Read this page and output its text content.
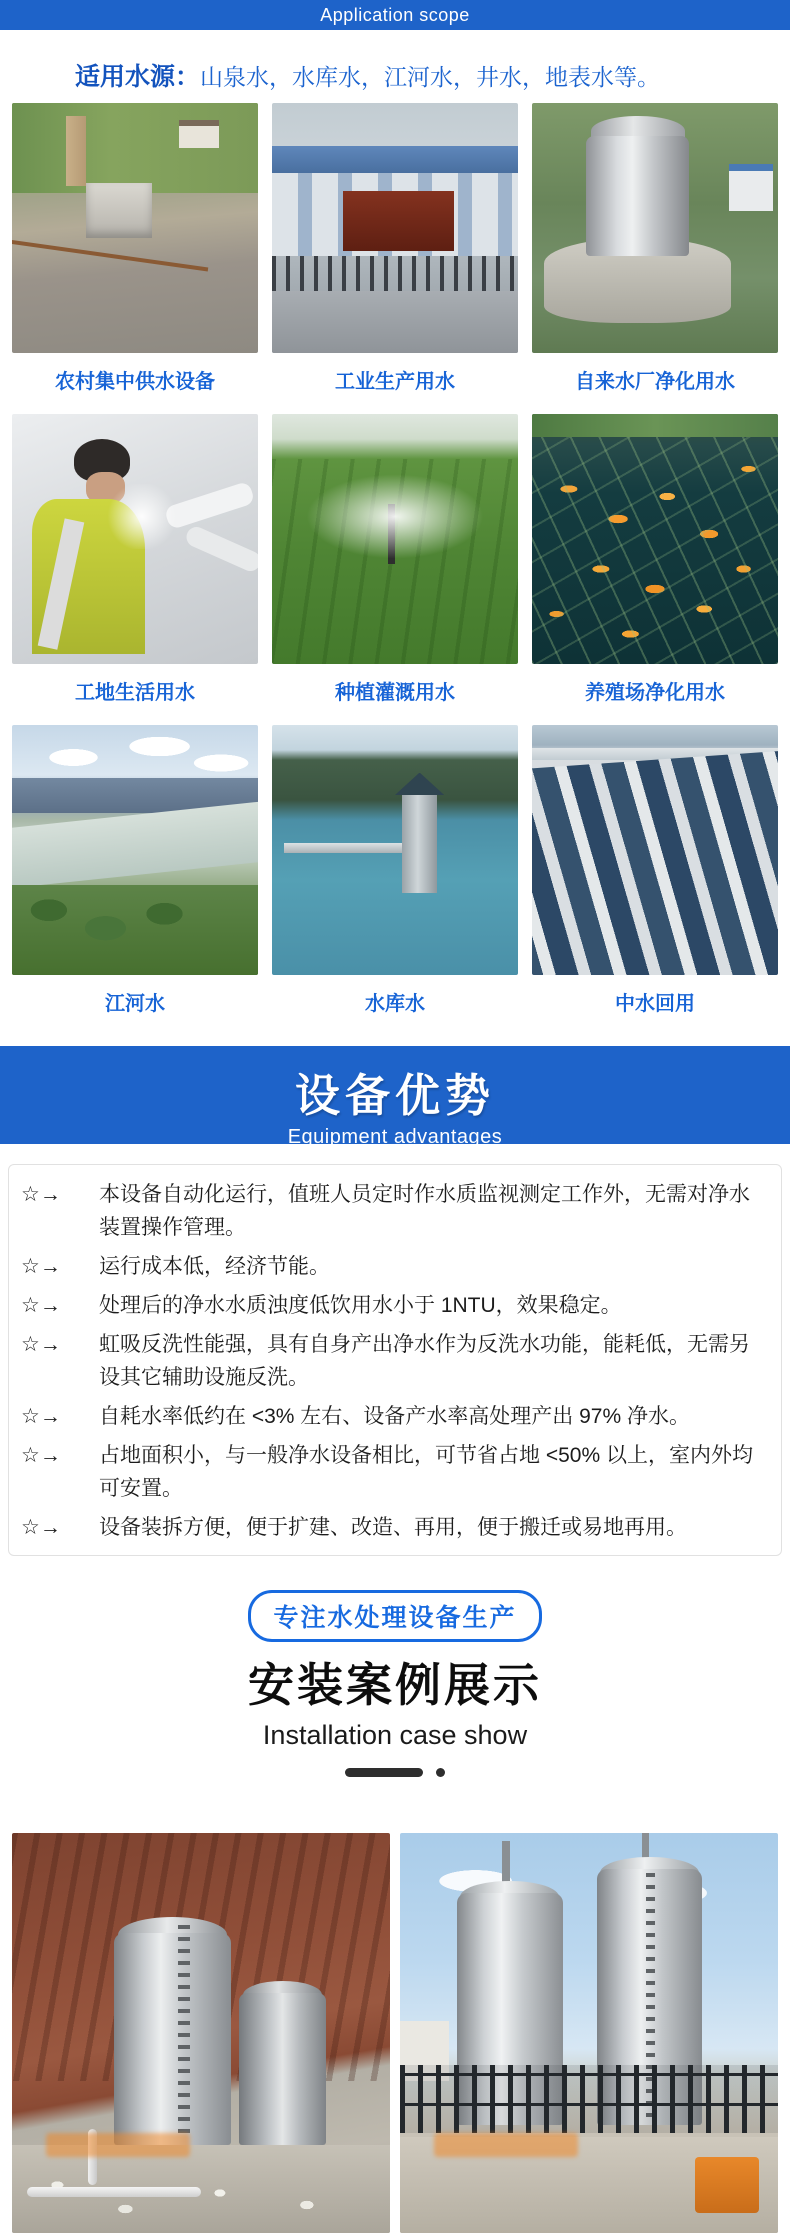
Application scope
适用水源：山泉水，水库水，江河水，井水，地表水等。
农村集中供水设备	工业生产用水	自来水厂净化用水
工地生活用水	种植灌溉用水	养殖场净化用水
江河水	水库水	中水回用
设备优势
Equipment advantages
☆→	本设备自动化运行，值班人员定时作水质监视测定工作外，无需对净水装置操作管理。
☆→	运行成本低，经济节能。
☆→	处理后的净水水质浊度低饮用水小于 1NTU，效果稳定。
☆→	虹吸反洗性能强，具有自身产出净水作为反洗水功能，能耗低，无需另设其它辅助设施反洗。
☆→	自耗水率低约在 <3% 左右、设备产水率高处理产出 97% 净水。
☆→	占地面积小，与一般净水设备相比，可节省占地 <50% 以上，室内外均可安置。
☆→	设备装拆方便，便于扩建、改造、再用，便于搬迁或易地再用。
专注水处理设备生产
安装案例展示
Installation case show
